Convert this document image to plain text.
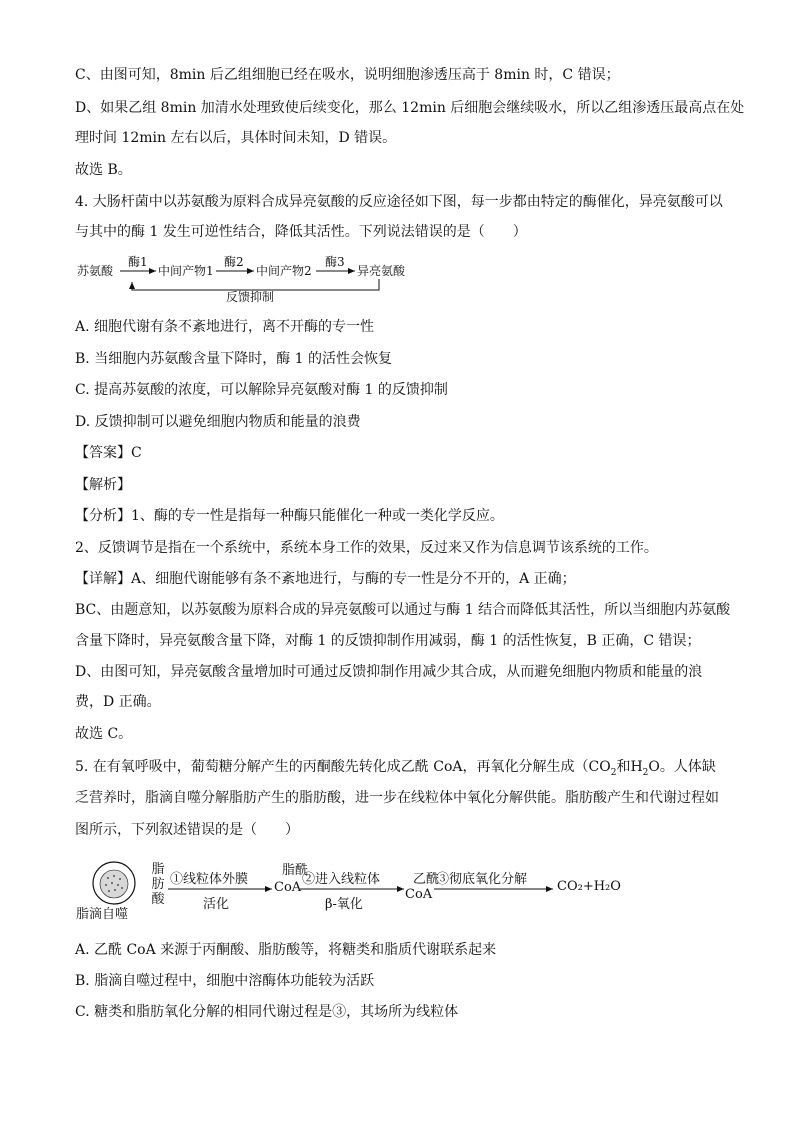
C、由图可知，8min 后乙组细胞已经在吸水，说明细胞渗透压高于 8min 时，C 错误；
D、如果乙组 8min 加清水处理致使后续变化，那么 12min 后细胞会继续吸水，所以乙组渗透压最高点在处
理时间 12min 左右以后，具体时间未知，D 错误。
故选 B。
4. 大肠杆菌中以苏氨酸为原料合成异亮氨酸的反应途径如下图，每一步都由特定的酶催化，异亮氨酸可以
与其中的酶 1 发生可逆性结合，降低其活性。下列说法错误的是（　　）
苏氨酸
酶1
中间产物1
酶2
中间产物2
酶3
异亮氨酸
反馈抑制
A. 细胞代谢有条不紊地进行，离不开酶的专一性
B. 当细胞内苏氨酸含量下降时，酶 1 的活性会恢复
C. 提高苏氨酸的浓度，可以解除异亮氨酸对酶 1 的反馈抑制
D. 反馈抑制可以避免细胞内物质和能量的浪费
【答案】C
【解析】
【分析】1、酶的专一性是指每一种酶只能催化一种或一类化学反应。
2、反馈调节是指在一个系统中，系统本身工作的效果，反过来又作为信息调节该系统的工作。
【详解】A、细胞代谢能够有条不紊地进行，与酶的专一性是分不开的，A 正确；
BC、由题意知，以苏氨酸为原料合成的异亮氨酸可以通过与酶 1 结合而降低其活性，所以当细胞内苏氨酸
含量下降时，异亮氨酸含量下降，对酶 1 的反馈抑制作用减弱，酶 1 的活性恢复，B 正确，C 错误；
D、由图可知，异亮氨酸含量增加时可通过反馈抑制作用减少其合成，从而避免细胞内物质和能量的浪
费，D 正确。
故选 C。
5. 在有氧呼吸中，葡萄糖分解产生的丙酮酸先转化成乙酰 CoA，再氧化分解生成（$CO_2$和$H_2O$。人体缺
乏营养时，脂滴自噬分解脂肪产生的脂肪酸，进一步在线粒体中氧化分解供能。脂肪酸产生和代谢过程如
图所示，下列叙述错误的是（　　）
脂滴自噬
脂肪酸
①线粒体外膜
活化
脂酰
CoA
②进入线粒体
β-氧化
乙酰
CoA
③彻底氧化分解 CO₂+H₂O
A. 乙酰 CoA 来源于丙酮酸、脂肪酸等，将糖类和脂质代谢联系起来
B. 脂滴自噬过程中，细胞中溶酶体功能较为活跃
C. 糖类和脂肪氧化分解的相同代谢过程是③，其场所为线粒体
